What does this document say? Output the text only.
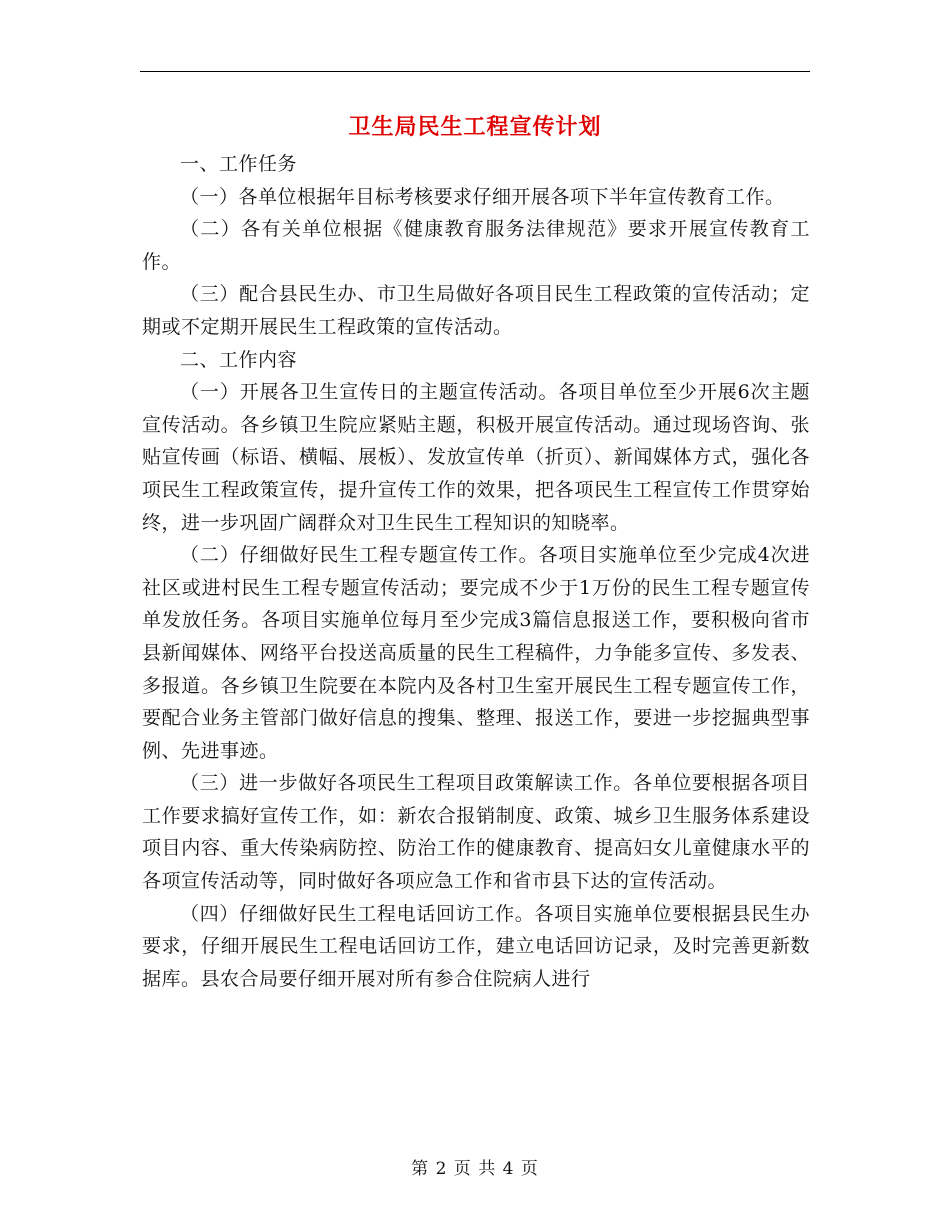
卫生局民生工程宣传计划

一、工作任务

（一）各单位根据年目标考核要求仔细开展各项下半年宣传教育工作。

（二）各有关单位根据《健康教育服务法律规范》要求开展宣传教育工作。

（三）配合县民生办、市卫生局做好各项目民生工程政策的宣传活动；定期或不定期开展民生工程政策的宣传活动。

二、工作内容

（一）开展各卫生宣传日的主题宣传活动。各项目单位至少开展6次主题宣传活动。各乡镇卫生院应紧贴主题，积极开展宣传活动。通过现场咨询、张贴宣传画（标语、横幅、展板）、发放宣传单（折页）、新闻媒体方式，强化各项民生工程政策宣传，提升宣传工作的效果，把各项民生工程宣传工作贯穿始终，进一步巩固广阔群众对卫生民生工程知识的知晓率。

（二）仔细做好民生工程专题宣传工作。各项目实施单位至少完成4次进社区或进村民生工程专题宣传活动；要完成不少于1万份的民生工程专题宣传单发放任务。各项目实施单位每月至少完成3篇信息报送工作，要积极向省市县新闻媒体、网络平台投送高质量的民生工程稿件，力争能多宣传、多发表、多报道。各乡镇卫生院要在本院内及各村卫生室开展民生工程专题宣传工作，要配合业务主管部门做好信息的搜集、整理、报送工作，要进一步挖掘典型事例、先进事迹。

（三）进一步做好各项民生工程项目政策解读工作。各单位要根据各项目工作要求搞好宣传工作，如：新农合报销制度、政策、城乡卫生服务体系建设项目内容、重大传染病防控、防治工作的健康教育、提高妇女儿童健康水平的各项宣传活动等，同时做好各项应急工作和省市县下达的宣传活动。

（四）仔细做好民生工程电话回访工作。各项目实施单位要根据县民生办要求，仔细开展民生工程电话回访工作，建立电话回访记录，及时完善更新数据库。县农合局要仔细开展对所有参合住院病人进行

第 2 页 共 4 页
